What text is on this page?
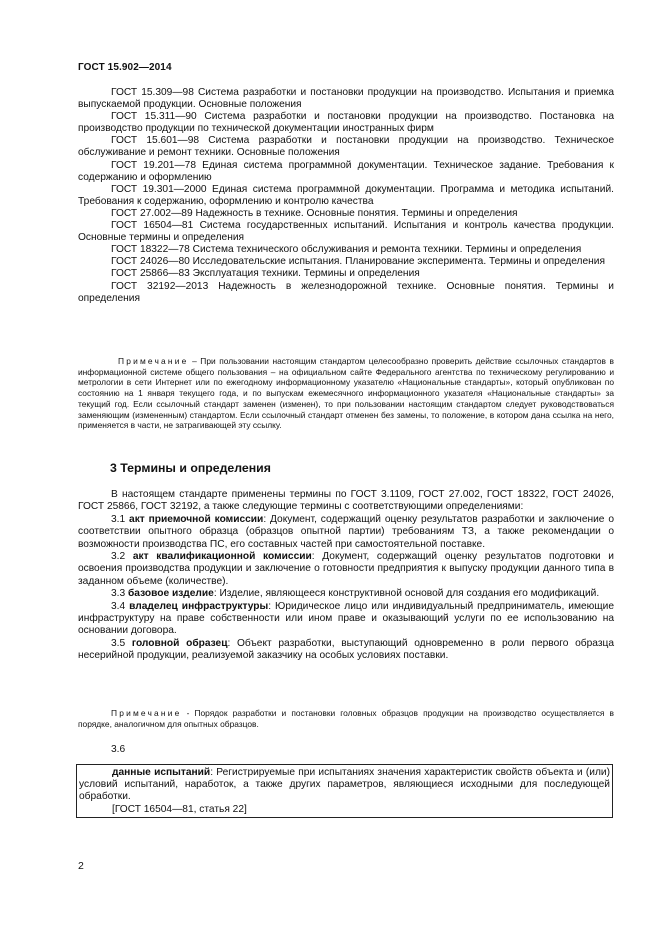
ГОСТ 15.902—2014

ГОСТ 15.309—98 Система разработки и постановки продукции на производство. Испытания и приемка выпускаемой продукции. Основные положения

ГОСТ 15.311—90 Система разработки и постановки продукции на производство. Постановка на производство продукции по технической документации иностранных фирм

ГОСТ 15.601—98 Система разработки и постановки продукции на производство. Техническое обслуживание и ремонт техники. Основные положения

ГОСТ 19.201—78 Единая система программной документации. Техническое задание. Требования к содержанию и оформлению

ГОСТ 19.301—2000 Единая система программной документации. Программа и методика испытаний. Требования к содержанию, оформлению и контролю качества

ГОСТ 27.002—89 Надежность в технике. Основные понятия. Термины и определения

ГОСТ 16504—81 Система государственных испытаний. Испытания и контроль качества продукции. Основные термины и определения

ГОСТ 18322—78 Система технического обслуживания и ремонта техники. Термины и определения

ГОСТ 24026—80 Исследовательские испытания. Планирование эксперимента. Термины и определения

ГОСТ 25866—83 Эксплуатация техники. Термины и определения

ГОСТ 32192—2013 Надежность в железнодорожной технике. Основные понятия. Термины и определения

Примечание – При пользовании настоящим стандартом целесообразно проверить действие ссылочных стандартов в информационной системе общего пользования – на официальном сайте Федерального агентства по техническому регулированию и метрологии в сети Интернет или по ежегодному информационному указателю «Национальные стандарты», который опубликован по состоянию на 1 января текущего года, и по выпускам ежемесячного информационного указателя «Национальные стандарты» за текущий год. Если ссылочный стандарт заменен (изменен), то при пользовании настоящим стандартом следует руководствоваться заменяющим (измененным) стандартом. Если ссылочный стандарт отменен без замены, то положение, в котором дана ссылка на него, применяется в части, не затрагивающей эту ссылку.
3 Термины и определения

В настоящем стандарте применены термины по ГОСТ 3.1109, ГОСТ 27.002, ГОСТ 18322, ГОСТ 24026, ГОСТ 25866, ГОСТ 32192, а также следующие термины с соответствующими определениями:

3.1 акт приемочной комиссии: Документ, содержащий оценку результатов разработки и заключение о соответствии опытного образца (образцов опытной партии) требованиям ТЗ, а также рекомендации о возможности производства ПС, его составных частей при самостоятельной поставке.

3.2 акт квалификационной комиссии: Документ, содержащий оценку результатов подготовки и освоения производства продукции и заключение о готовности предприятия к выпуску продукции данного типа в заданном объеме (количестве).

3.3 базовое изделие: Изделие, являющееся конструктивной основой для создания его модификаций.

3.4 владелец инфраструктуры: Юридическое лицо или индивидуальный предприниматель, имеющие инфраструктуру на праве собственности или ином праве и оказывающий услуги по ее использованию на основании договора.

3.5 головной образец: Объект разработки, выступающий одновременно в роли первого образца несерийной продукции, реализуемой заказчику на особых условиях поставки.

Примечание - Порядок разработки и постановки головных образцов продукции на производство осуществляется в порядке, аналогичном для опытных образцов.
3.6

данные испытаний: Регистрируемые при испытаниях значения характеристик свойств объекта и (или) условий испытаний, наработок, а также других параметров, являющиеся исходными для последующей обработки.

[ГОСТ 16504—81, статья 22]

2
